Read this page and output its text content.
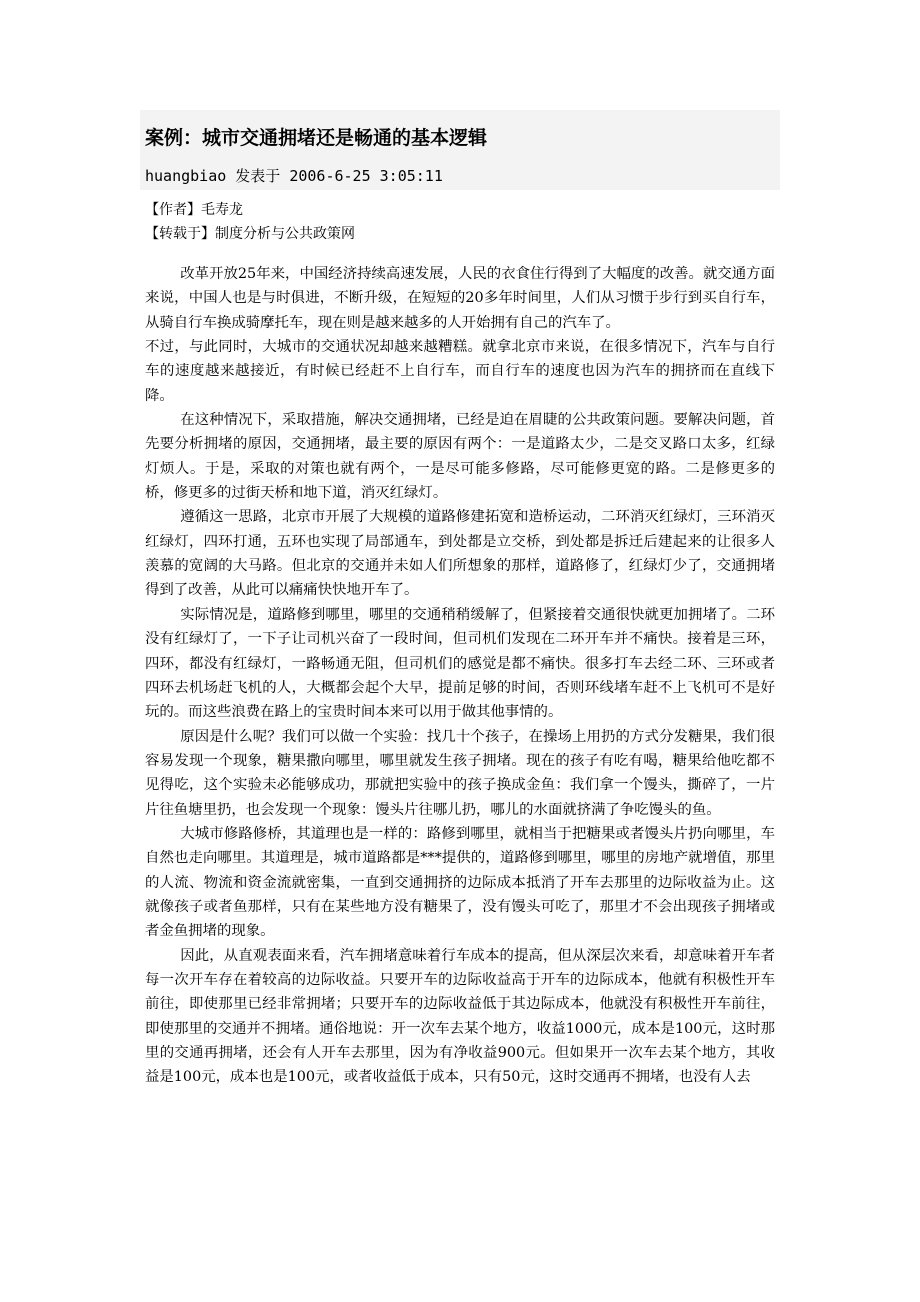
案例：城市交通拥堵还是畅通的基本逻辑
huangbiao 发表于 2006-6-25 3:05:11
【作者】毛寿龙
【转载于】制度分析与公共政策网

改革开放25年来，中国经济持续高速发展，人民的衣食住行得到了大幅度的改善。就交通方面来说，中国人也是与时俱进，不断升级，在短短的20多年时间里，人们从习惯于步行到买自行车，从骑自行车换成骑摩托车，现在则是越来越多的人开始拥有自己的汽车了。

不过，与此同时，大城市的交通状况却越来越糟糕。就拿北京市来说，在很多情况下，汽车与自行车的速度越来越接近，有时候已经赶不上自行车，而自行车的速度也因为汽车的拥挤而在直线下降。

在这种情况下，采取措施，解决交通拥堵，已经是迫在眉睫的公共政策问题。要解决问题，首先要分析拥堵的原因，交通拥堵，最主要的原因有两个：一是道路太少，二是交叉路口太多，红绿灯烦人。于是，采取的对策也就有两个，一是尽可能多修路，尽可能修更宽的路。二是修更多的桥，修更多的过街天桥和地下道，消灭红绿灯。

遵循这一思路，北京市开展了大规模的道路修建拓宽和造桥运动，二环消灭红绿灯，三环消灭红绿灯，四环打通，五环也实现了局部通车，到处都是立交桥，到处都是拆迁后建起来的让很多人羡慕的宽阔的大马路。但北京的交通并未如人们所想象的那样，道路修了，红绿灯少了，交通拥堵得到了改善，从此可以痛痛快快地开车了。

实际情况是，道路修到哪里，哪里的交通稍稍缓解了，但紧接着交通很快就更加拥堵了。二环没有红绿灯了，一下子让司机兴奋了一段时间，但司机们发现在二环开车并不痛快。接着是三环，四环，都没有红绿灯，一路畅通无阻，但司机们的感觉是都不痛快。很多打车去经二环、三环或者四环去机场赶飞机的人，大概都会起个大早，提前足够的时间，否则环线堵车赶不上飞机可不是好玩的。而这些浪费在路上的宝贵时间本来可以用于做其他事情的。

原因是什么呢？我们可以做一个实验：找几十个孩子，在操场上用扔的方式分发糖果，我们很容易发现一个现象，糖果撒向哪里，哪里就发生孩子拥堵。现在的孩子有吃有喝，糖果给他吃都不见得吃，这个实验未必能够成功，那就把实验中的孩子换成金鱼：我们拿一个馒头，撕碎了，一片片往鱼塘里扔，也会发现一个现象：馒头片往哪儿扔，哪儿的水面就挤满了争吃馒头的鱼。

大城市修路修桥，其道理也是一样的：路修到哪里，就相当于把糖果或者馒头片扔向哪里，车自然也走向哪里。其道理是，城市道路都是***提供的，道路修到哪里，哪里的房地产就增值，那里的人流、物流和资金流就密集，一直到交通拥挤的边际成本抵消了开车去那里的边际收益为止。这就像孩子或者鱼那样，只有在某些地方没有糖果了，没有馒头可吃了，那里才不会出现孩子拥堵或者金鱼拥堵的现象。

因此，从直观表面来看，汽车拥堵意味着行车成本的提高，但从深层次来看，却意味着开车者每一次开车存在着较高的边际收益。只要开车的边际收益高于开车的边际成本，他就有积极性开车前往，即使那里已经非常拥堵；只要开车的边际收益低于其边际成本，他就没有积极性开车前往，即使那里的交通并不拥堵。通俗地说：开一次车去某个地方，收益1000元，成本是100元，这时那里的交通再拥堵，还会有人开车去那里，因为有净收益900元。但如果开一次车去某个地方，其收益是100元，成本也是100元，或者收益低于成本，只有50元，这时交通再不拥堵，也没有人去
